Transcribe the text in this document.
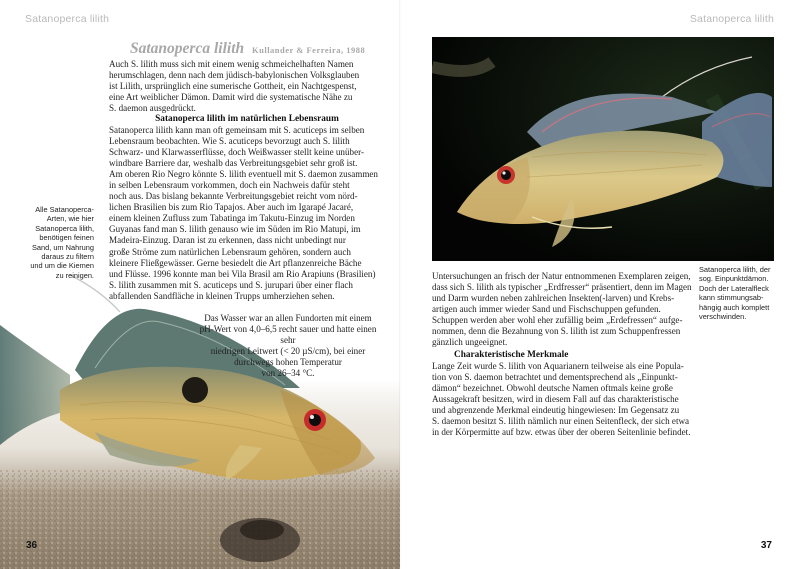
Satanoperca lilith
Satanoperca lilith Kullander & Ferreira, 1988

Auch S. lilith muss sich mit einem wenig schmeichelhaften Namen

herumschlagen, denn nach dem jüdisch-babylonischen Volksglauben

ist Lilith, ursprünglich eine sumerische Gottheit, ein Nachtgespenst,

eine Art weiblicher Dämon. Damit wird die systematische Nähe zu

S. daemon ausgedrückt.

Satanoperca lilith im natürlichen Lebensraum

Satanoperca lilith kann man oft gemeinsam mit S. acuticeps im selben

Lebensraum beobachten. Wie S. acuticeps bevorzugt auch S. lilith

Schwarz- und Klarwasserflüsse, doch Weißwasser stellt keine unüber-

windbare Barriere dar, weshalb das Verbreitungsgebiet sehr groß ist.

Am oberen Rio Negro könnte S. lilith eventuell mit S. daemon zusammen

in selben Lebensraum vorkommen, doch ein Nachweis dafür steht

noch aus. Das bislang bekannte Verbreitungsgebiet reicht vom nörd-

lichen Brasilien bis zum Rio Tapajos. Aber auch im Igarapé Jacaré,

einem kleinen Zufluss zum Tabatinga im Takutu-Einzug im Norden

Guyanas fand man S. lilith genauso wie im Süden im Rio Matupi, im

Madeira-Einzug. Daran ist zu erkennen, dass nicht unbedingt nur

große Ströme zum natürlichen Lebensraum gehören, sondern auch

kleinere Fließgewässer. Gerne besiedelt die Art pflanzenreiche Bäche

und Flüsse. 1996 konnte man bei Vila Brasil am Rio Arapiuns (Brasilien)

S. lilith zusammen mit S. acuticeps und S. jurupari über einer flach

abfallenden Sandfläche in kleinen Trupps umherziehen sehen.

Das Wasser war an allen Fundorten mit einem

pH-Wert von 4,0–6,5 recht sauer und hatte einen sehr

niedrigen Leitwert (< 20 µS/cm), bei einer

durchwegs hohen Temperatur

von 26–34 °C.

Alle Satanoperca-
Arten, wie hier
Satanoperca lilith,
benötigen feinen
Sand, um Nahrung
daraus zu filtern
und um die Kiemen
zu reinigen.
36
Satanoperca lilith

Untersuchungen an frisch der Natur entnommenen Exemplaren zeigen,

dass sich S. lilith als typischer „Erdfresser“ präsentiert, denn im Magen

und Darm wurden neben zahlreichen Insekten(-larven) und Krebs-

artigen auch immer wieder Sand und Fischschuppen gefunden.

Schuppen werden aber wohl eher zufällig beim „Erdefressen“ aufge-

nommen, denn die Bezahnung von S. lilith ist zum Schuppenfressen

gänzlich ungeeignet.

Charakteristische Merkmale

Lange Zeit wurde S. lilith von Aquarianern teilweise als eine Popula-

tion von S. daemon betrachtet und dementsprechend als „Einpunkt-

dämon“ bezeichnet. Obwohl deutsche Namen oftmals keine große

Aussagekraft besitzen, wird in diesem Fall auf das charakteristische

und abgrenzende Merkmal eindeutig hingewiesen: Im Gegensatz zu

S. daemon besitzt S. lilith nämlich nur einen Seitenfleck, der sich etwa

in der Körpermitte auf bzw. etwas über der oberen Seitenlinie befindet.

Satanoperca lilith, der
sog. Einpunktdämon.
Doch der Lateralfleck
kann stimmungsab-
hängig auch komplett
verschwinden.
37
